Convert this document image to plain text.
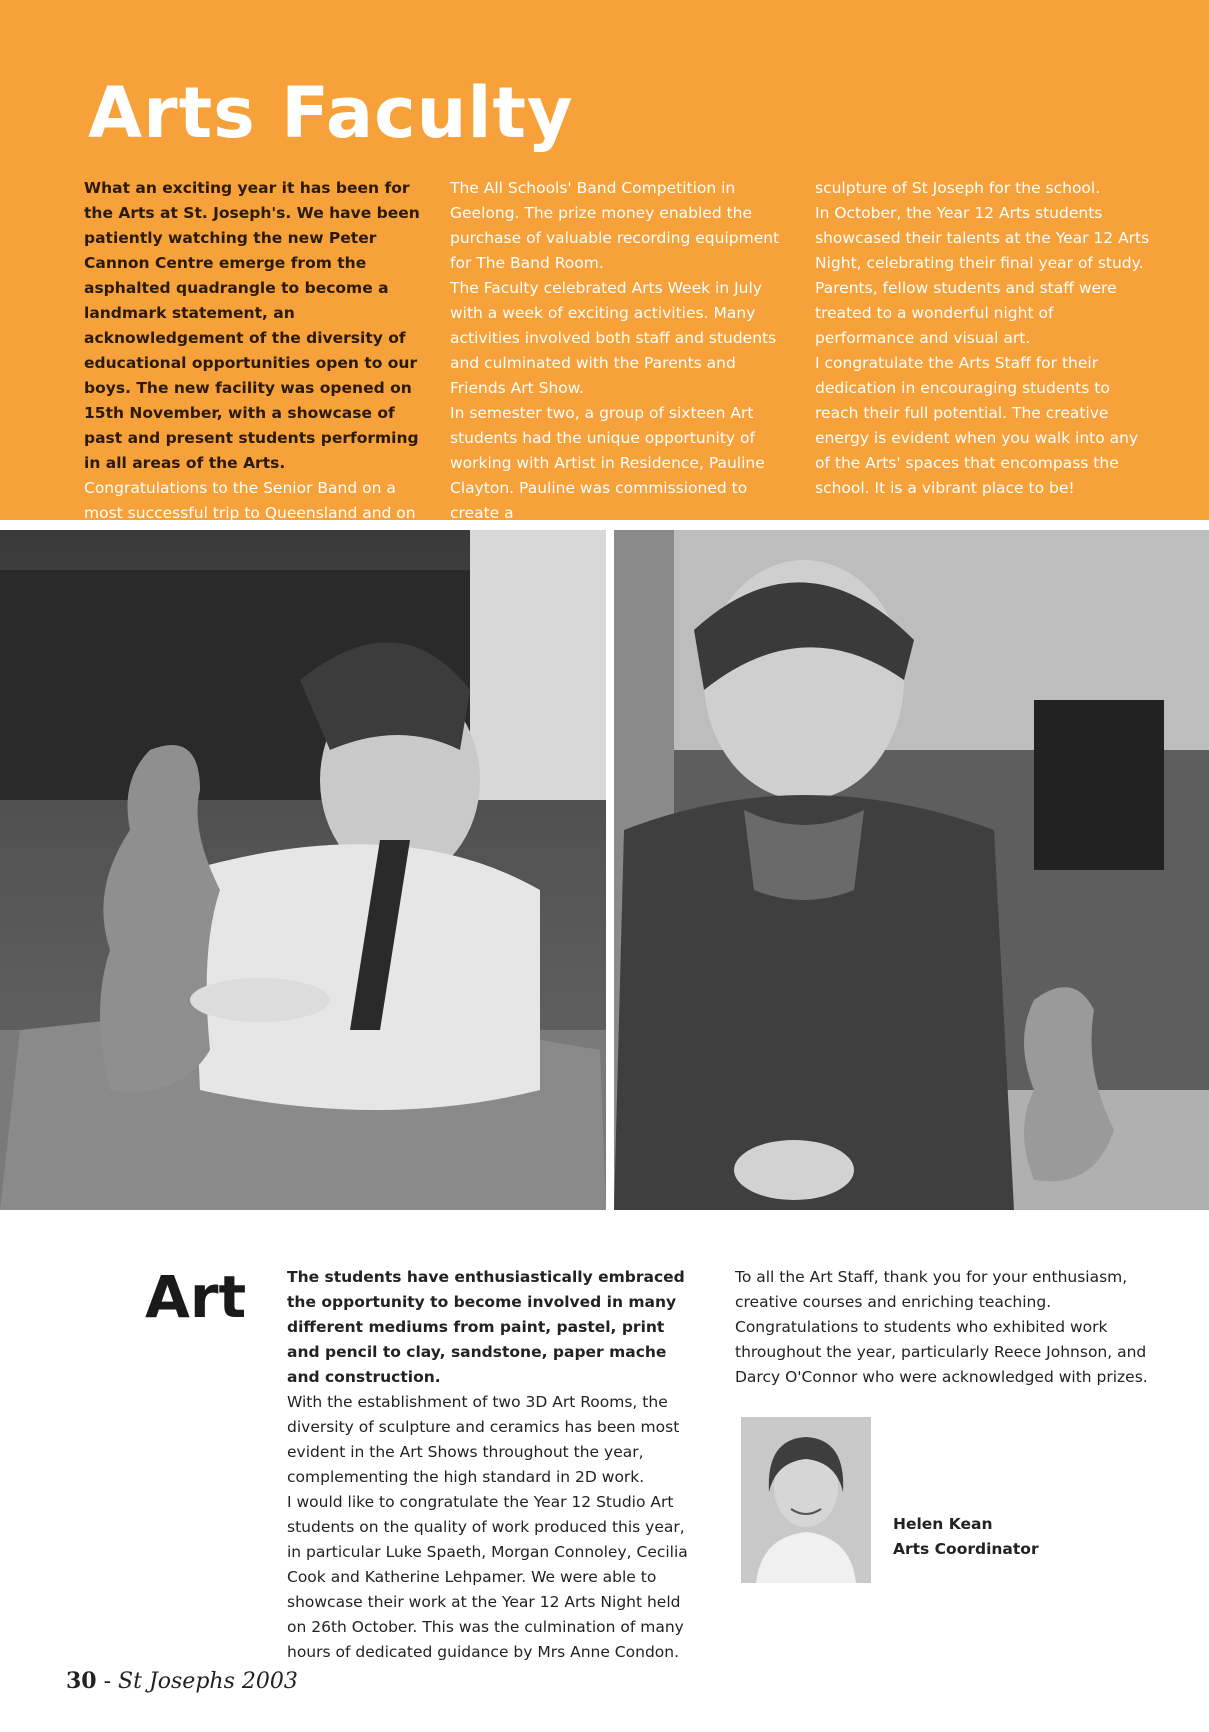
Arts Faculty

What an exciting year it has been for the Arts at St. Joseph's. We have been patiently watching the new Peter Cannon Centre emerge from the asphalted quadrangle to become a landmark statement, an acknowledgement of the diversity of educational opportunities open to our boys. The new facility was opened on 15th November, with a showcase of past and present students performing in all areas of the Arts.

Congratulations to the Senior Band on a most successful trip to Queensland and on

The All Schools' Band Competition in Geelong. The prize money enabled the purchase of valuable recording equipment for The Band Room.

The Faculty celebrated Arts Week in July with a week of exciting activities. Many activities involved both staff and students and culminated with the Parents and Friends Art Show.

In semester two, a group of sixteen Art students had the unique opportunity of working with Artist in Residence, Pauline Clayton. Pauline was commissioned to create a

sculpture of St Joseph for the school.

In October, the Year 12 Arts students showcased their talents at the Year 12 Arts Night, celebrating their final year of study. Parents, fellow students and staff were treated to a wonderful night of performance and visual art.

I congratulate the Arts Staff for their dedication in encouraging students to reach their full potential. The creative energy is evident when you walk into any of the Arts' spaces that encompass the school. It is a vibrant place to be!

Art	The students have enthusiastically embraced the opportunity to become involved in many different mediums from paint, pastel, print and pencil to clay, sandstone, paper mache and construction.

With the establishment of two 3D Art Rooms, the diversity of sculpture and ceramics has been most evident in the Art Shows throughout the year, complementing the high standard in 2D work.

I would like to congratulate the Year 12 Studio Art students on the quality of work produced this year, in particular Luke Spaeth, Morgan Connoley, Cecilia Cook and Katherine Lehpamer. We were able to showcase their work at the Year 12 Arts Night held on 26th October. This was the culmination of many hours of dedicated guidance by Mrs Anne Condon.

To all the Art Staff, thank you for your enthusiasm, creative courses and enriching teaching.

Congratulations to students who exhibited work throughout the year, particularly Reece Johnson, and Darcy O'Connor who were acknowledged with prizes.

Helen Kean
Arts Coordinator
30 - St Josephs 2003
